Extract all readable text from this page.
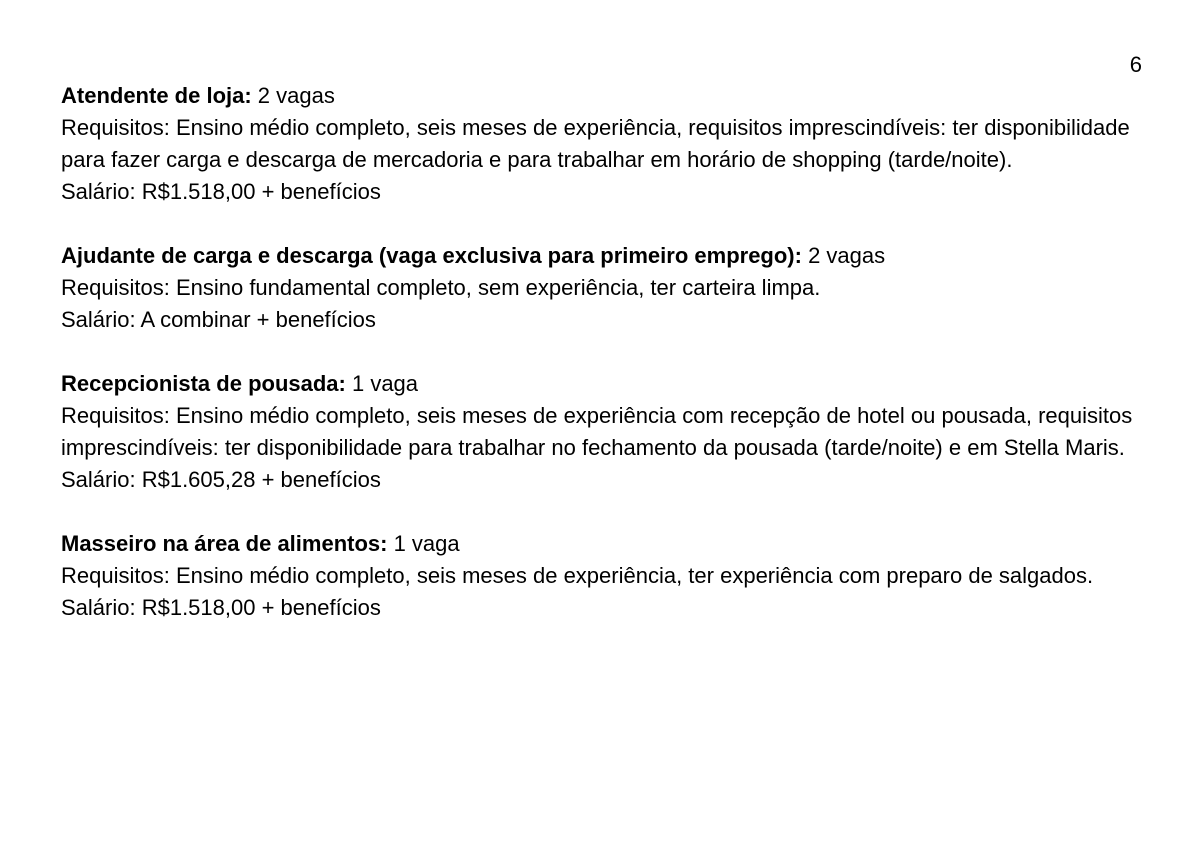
6

Atendente de loja: 2 vagas

Requisitos: Ensino médio completo, seis meses de experiência, requisitos imprescindíveis: ter disponibilidade para fazer carga e descarga de mercadoria e para trabalhar em horário de shopping (tarde/noite).

Salário: R$1.518,00 + benefícios

Ajudante de carga e descarga (vaga exclusiva para primeiro emprego): 2 vagas

Requisitos: Ensino fundamental completo, sem experiência, ter carteira limpa.

Salário: A combinar + benefícios

Recepcionista de pousada: 1 vaga

Requisitos: Ensino médio completo, seis meses de experiência com recepção de hotel ou pousada, requisitos imprescindíveis: ter disponibilidade para trabalhar no fechamento da pousada (tarde/noite) e em Stella Maris.

Salário: R$1.605,28 + benefícios

Masseiro na área de alimentos: 1 vaga

Requisitos: Ensino médio completo, seis meses de experiência, ter experiência com preparo de salgados.

Salário: R$1.518,00 + benefícios
